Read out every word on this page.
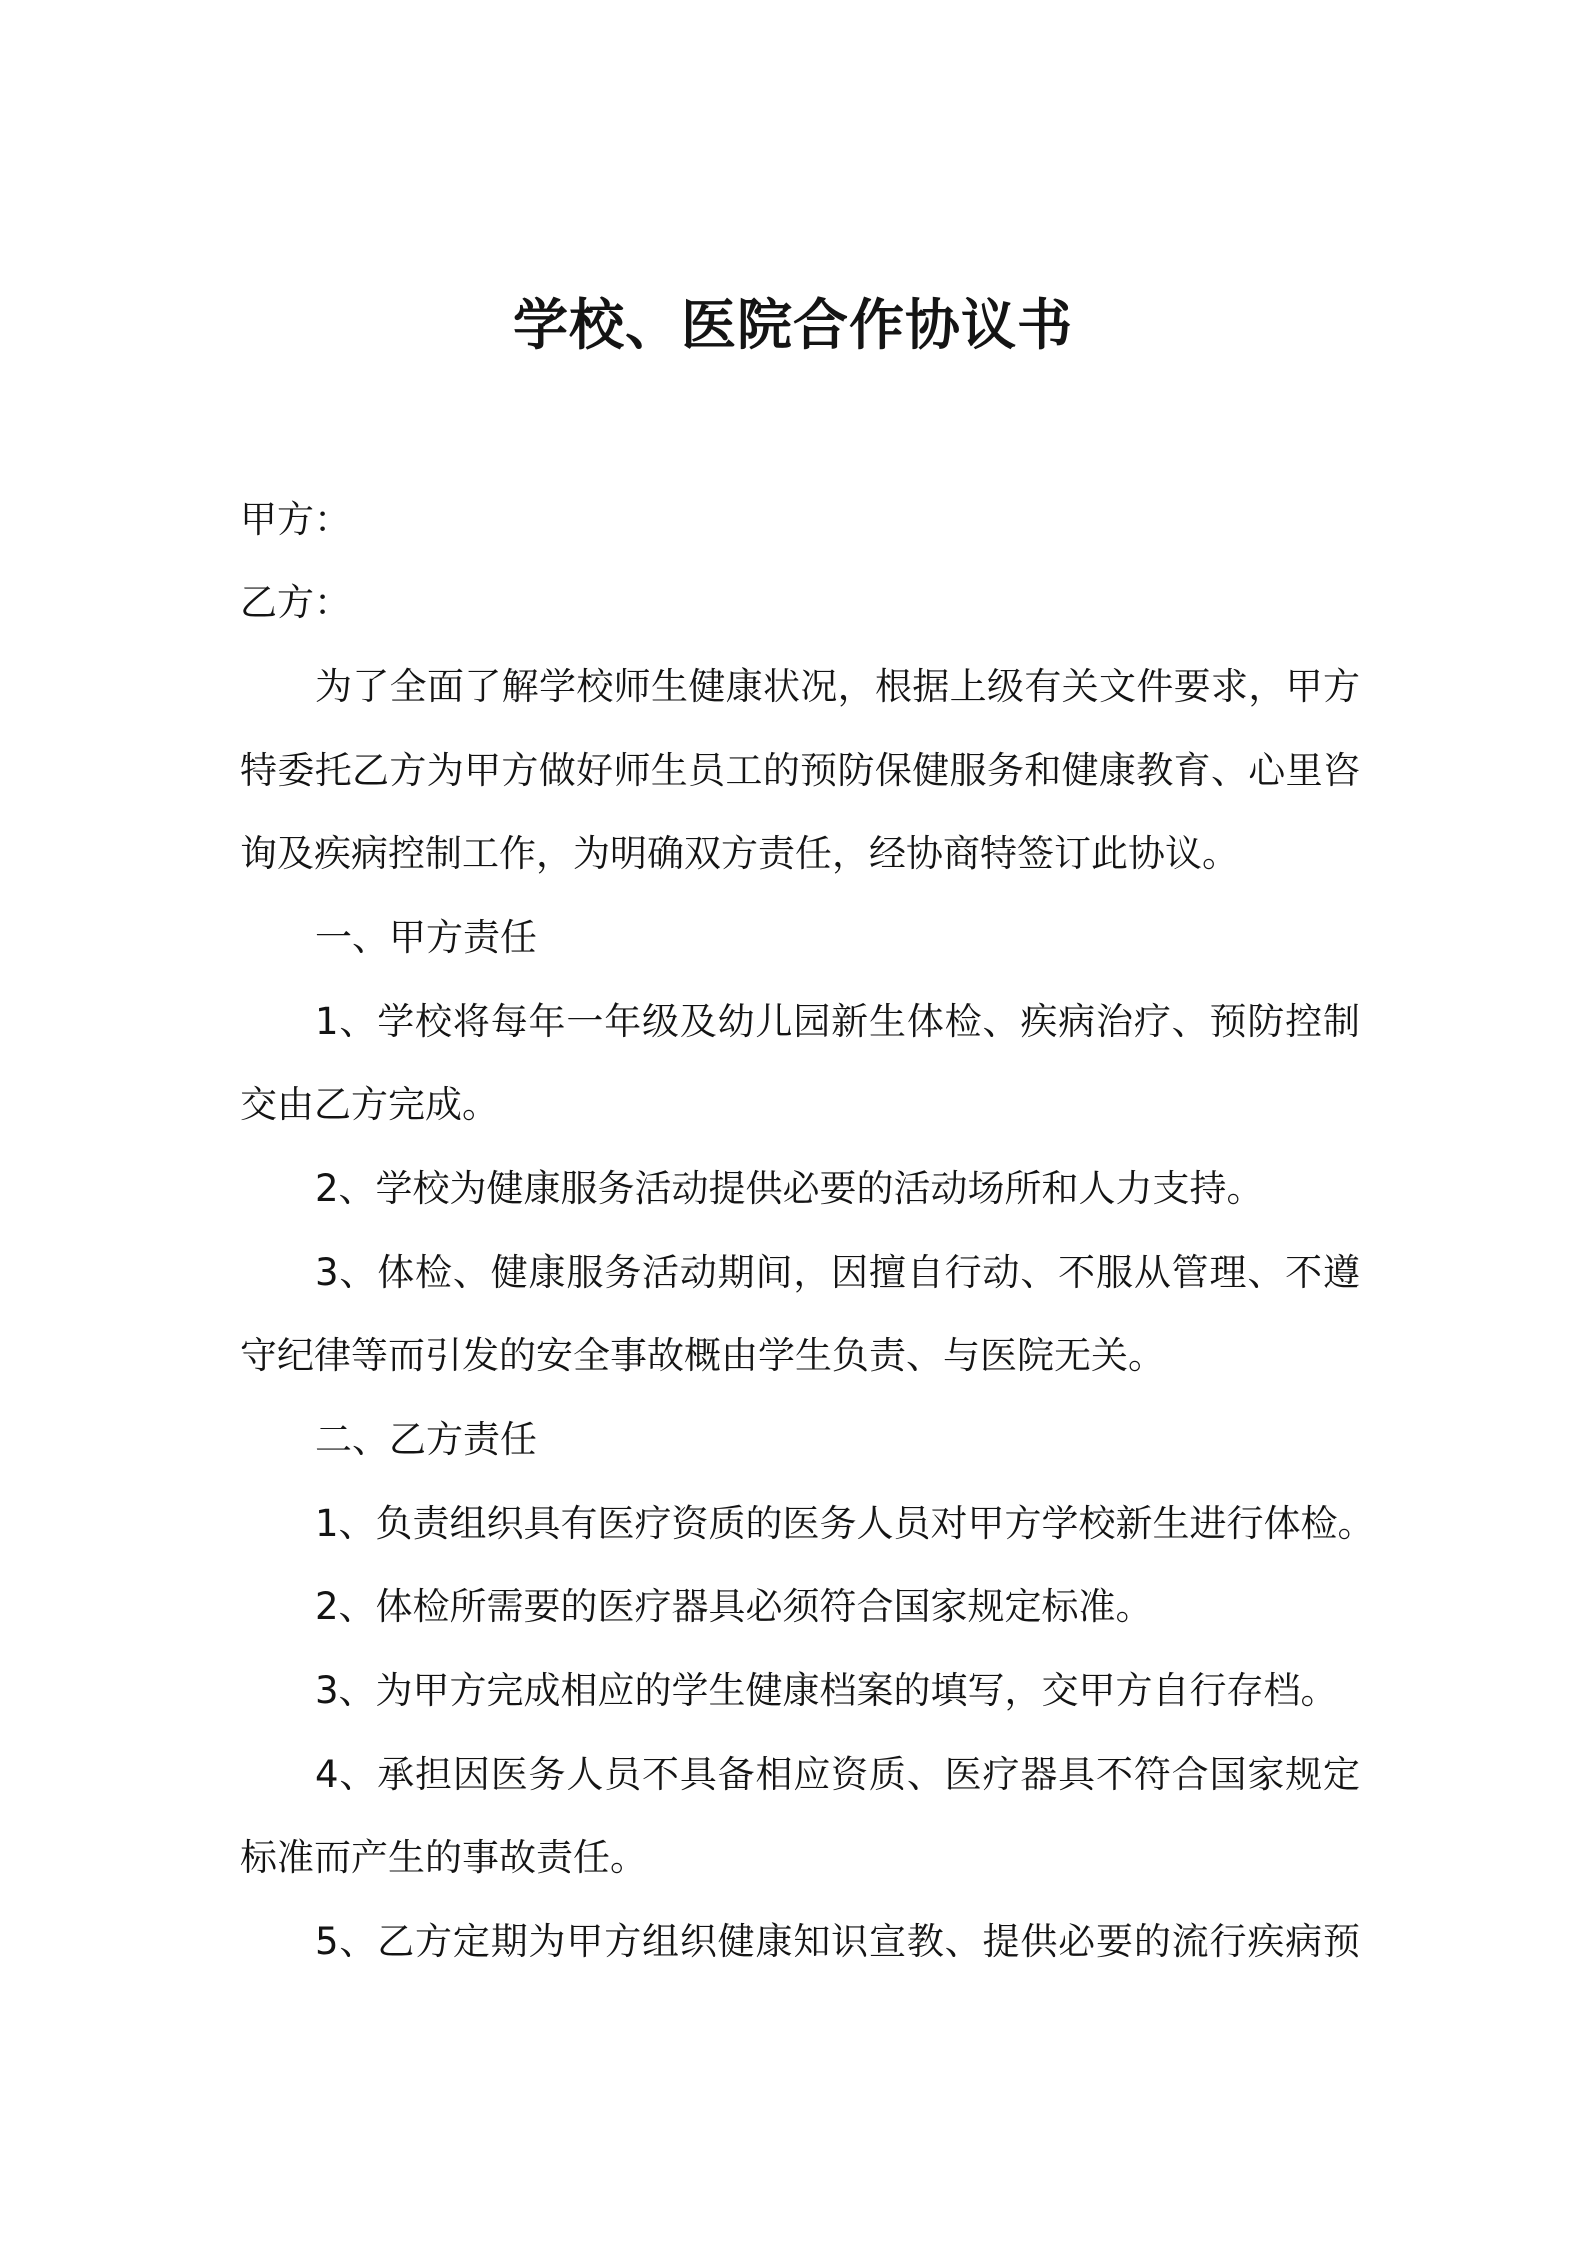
学校、医院合作协议书
甲方：
乙方：
为了全面了解学校师生健康状况，根据上级有关文件要求，甲方
特委托乙方为甲方做好师生员工的预防保健服务和健康教育、心里咨
询及疾病控制工作，为明确双方责任，经协商特签订此协议。
一、甲方责任
1、学校将每年一年级及幼儿园新生体检、疾病治疗、预防控制
交由乙方完成。
2、学校为健康服务活动提供必要的活动场所和人力支持。
3、体检、健康服务活动期间，因擅自行动、不服从管理、不遵
守纪律等而引发的安全事故概由学生负责、与医院无关。
二、乙方责任
1、负责组织具有医疗资质的医务人员对甲方学校新生进行体检。
2、体检所需要的医疗器具必须符合国家规定标准。
3、为甲方完成相应的学生健康档案的填写，交甲方自行存档。
4、承担因医务人员不具备相应资质、医疗器具不符合国家规定
标准而产生的事故责任。
5、乙方定期为甲方组织健康知识宣教、提供必要的流行疾病预
